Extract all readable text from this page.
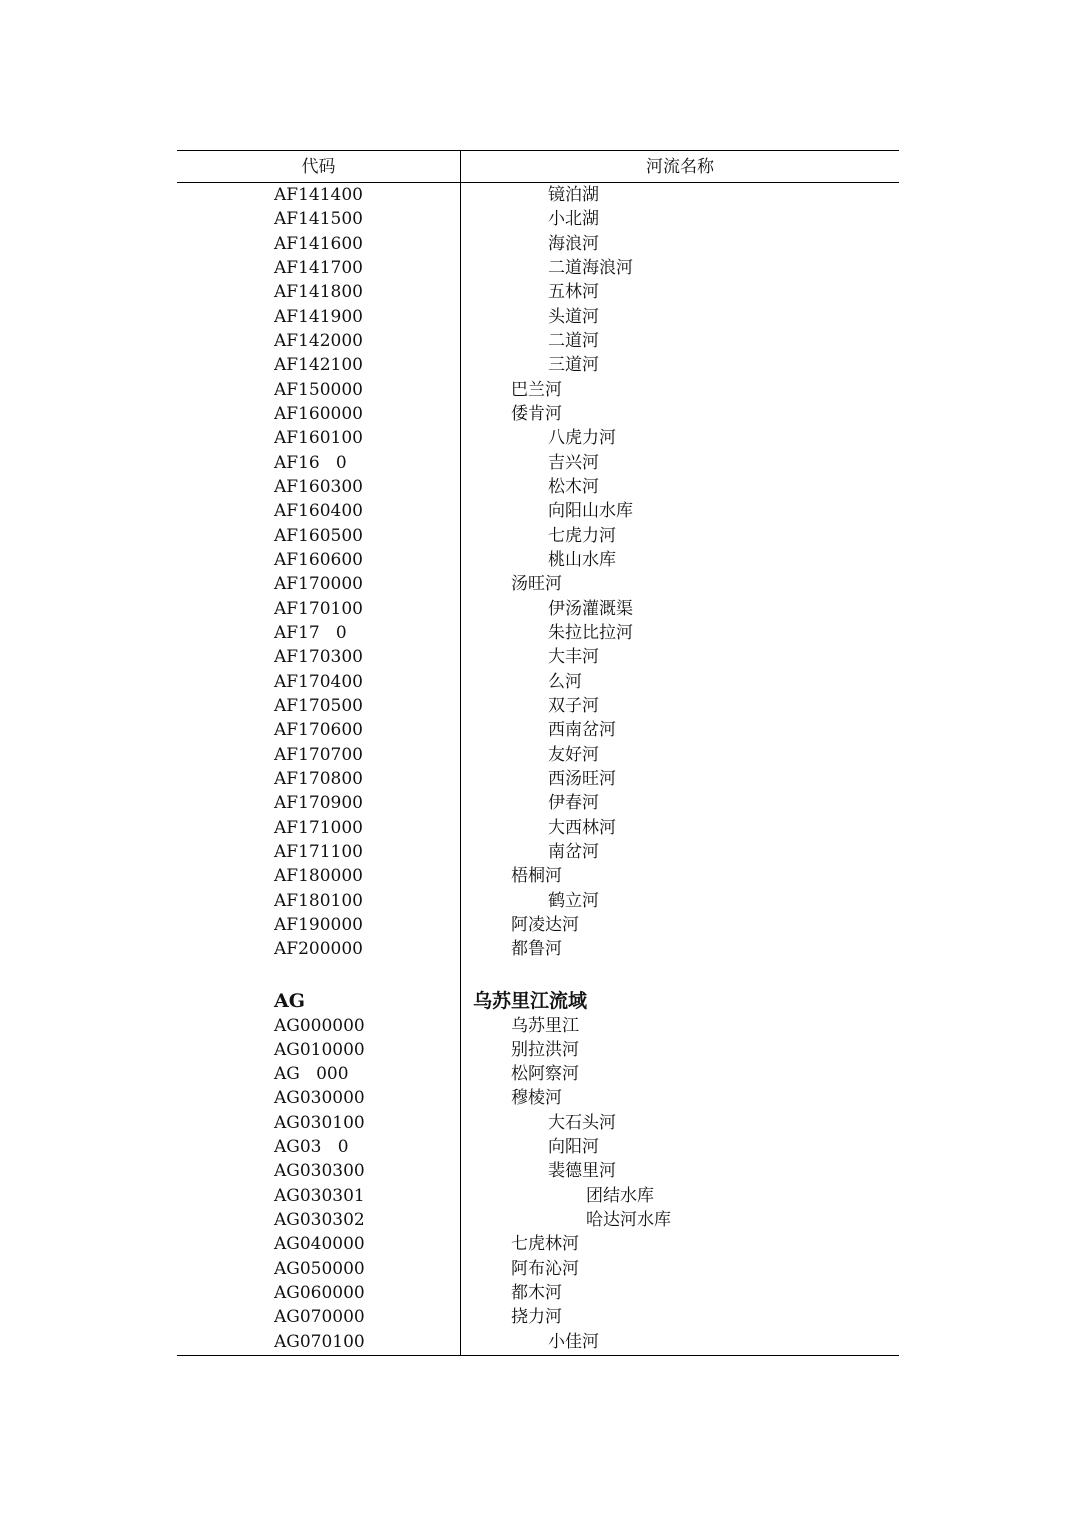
代码	河流名称
AF141400	镜泊湖
AF141500	小北湖
AF141600	海浪河
AF141700	二道海浪河
AF141800	五林河
AF141900	头道河
AF142000	二道河
AF142100	三道河
AF150000	巴兰河
AF160000	倭肯河
AF160100	八虎力河
AF16   0	吉兴河
AF160300	松木河
AF160400	向阳山水库
AF160500	七虎力河
AF160600	桃山水库
AF170000	汤旺河
AF170100	伊汤灌溉渠
AF17   0	朱拉比拉河
AF170300	大丰河
AF170400	么河
AF170500	双子河
AF170600	西南岔河
AF170700	友好河
AF170800	西汤旺河
AF170900	伊春河
AF171000	大西林河
AF171100	南岔河
AF180000	梧桐河
AF180100	鹤立河
AF190000	阿凌达河
AF200000	都鲁河
AG	乌苏里江流域
AG000000	乌苏里江
AG010000	别拉洪河
AG   000	松阿察河
AG030000	穆棱河
AG030100	大石头河
AG03   0	向阳河
AG030300	裴德里河
AG030301	团结水库
AG030302	哈达河水库
AG040000	七虎林河
AG050000	阿布沁河
AG060000	都木河
AG070000	挠力河
AG070100	小佳河
